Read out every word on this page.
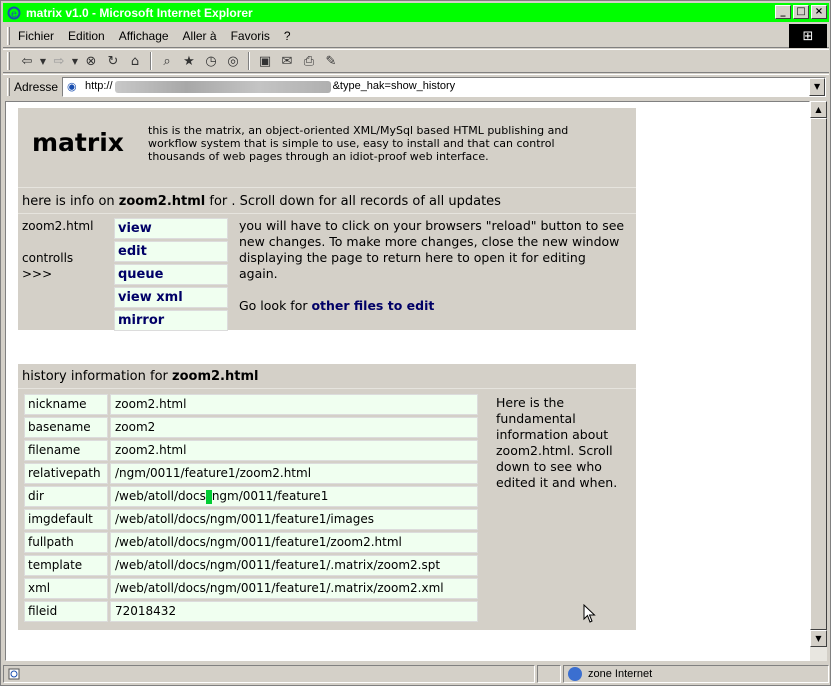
e matrix v1.0 - Microsoft Internet Explorer	_	□ ×
Fichier Edition Affichage Aller à Favoris ?	⊞
⇦ ▼ ⇨ ▼ ⊗ ↻ ⌂	⌕ ★ ◷ ◎	▣ ✉ ⎙ ✎
Adresse ◉ http://	&type_hak=show_history	▼
matrix	this is the matrix, an object-oriented XML/MySql based HTML publishing and workflow system that is simple to use, easy to install and that can control thousands of web pages through an idiot-proof web interface.
here is info on zoom2.html for . Scroll down for all records of all updates
zoom2.html
controlls
>>>
view
edit
queue
view xml
mirror
you will have to click on your browsers "reload" button to see new changes. To make more changes, close the new window displaying the page to return here to open it for editing again.
Go look for other files to edit
history information for zoom2.html
nickname	zoom2.html
basename	zoom2
filename	zoom2.html
relativepath	/ngm/0011/feature1/zoom2.html
dir	/web/atoll/docs ngm/0011/feature1
imgdefault	/web/atoll/docs/ngm/0011/feature1/images
fullpath	/web/atoll/docs/ngm/0011/feature1/zoom2.html
template	/web/atoll/docs/ngm/0011/feature1/.matrix/zoom2.spt
xml	/web/atoll/docs/ngm/0011/feature1/.matrix/zoom2.xml
fileid	72018432
Here is the fundamental information about zoom2.html. Scroll down to see who edited it and when.
▲
▼
zone Internet
